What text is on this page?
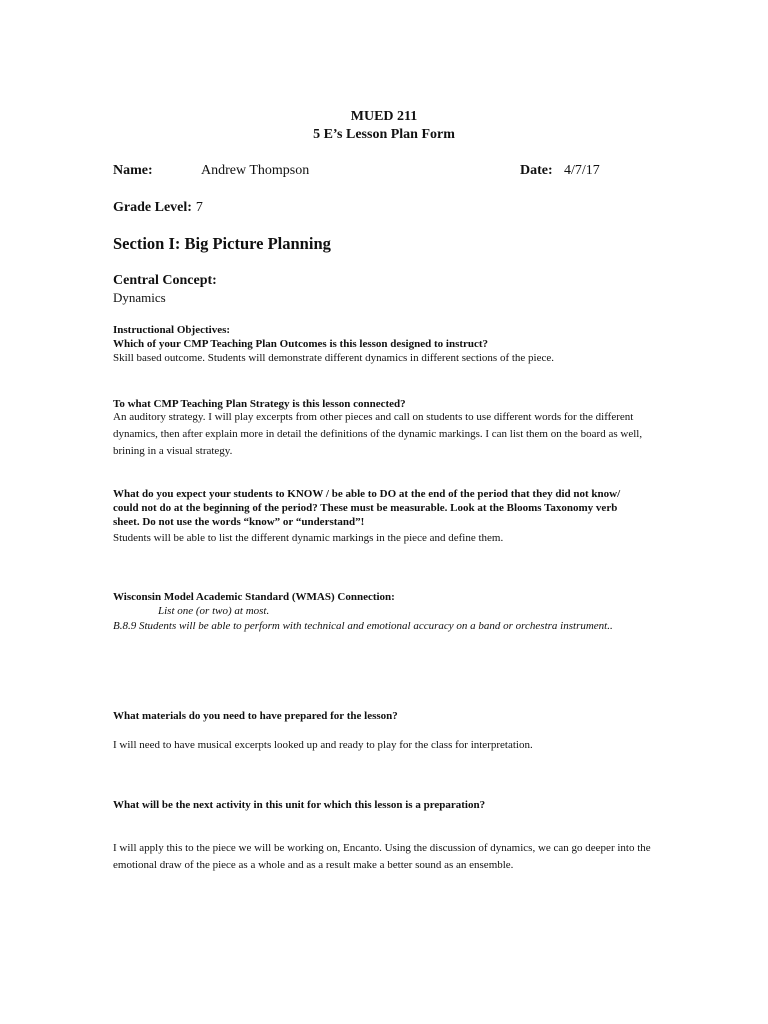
MUED 211
5 E’s Lesson Plan Form
Name:	Andrew Thompson	Date: 4/7/17
Grade Level: 7
Section I: Big Picture Planning
Central Concept:
Dynamics
Instructional Objectives:
Which of your CMP Teaching Plan Outcomes is this lesson designed to instruct?
Skill based outcome. Students will demonstrate different dynamics in different sections of the piece.
To what CMP Teaching Plan Strategy is this lesson connected?
An auditory strategy. I will play excerpts from other pieces and call on students to use different words for the different dynamics, then after explain more in detail the definitions of the dynamic markings. I can list them on the board as well, brining in a visual strategy.
What do you expect your students to KNOW / be able to DO at the end of the period that they did not know/ could not do at the beginning of the period? These must be measurable. Look at the Blooms Taxonomy verb sheet. Do not use the words “know” or “understand”!
Students will be able to list the different dynamic markings in the piece and define them.
Wisconsin Model Academic Standard (WMAS) Connection:
List one (or two) at most.
B.8.9 Students will be able to perform with technical and emotional accuracy on a band or orchestra instrument..
What materials do you need to have prepared for the lesson?
I will need to have musical excerpts looked up and ready to play for the class for interpretation.
What will be the next activity in this unit for which this lesson is a preparation?
I will apply this to the piece we will be working on, Encanto. Using the discussion of dynamics, we can go deeper into the emotional draw of the piece as a whole and as a result make a better sound as an ensemble.
